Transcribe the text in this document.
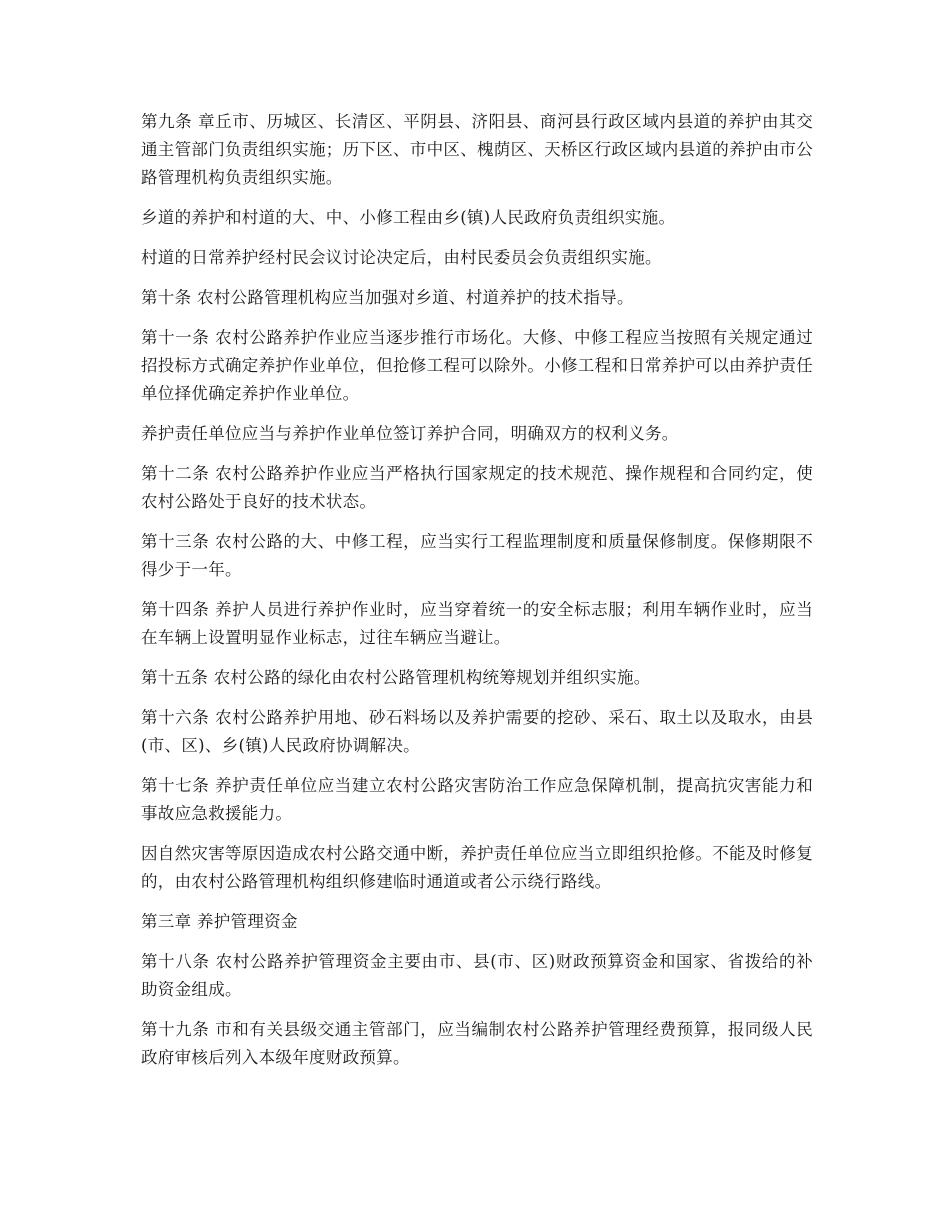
第九条 章丘市、历城区、长清区、平阴县、济阳县、商河县行政区域内县道的养护由其交通主管部门负责组织实施；历下区、市中区、槐荫区、天桥区行政区域内县道的养护由市公路管理机构负责组织实施。

乡道的养护和村道的大、中、小修工程由乡(镇)人民政府负责组织实施。

村道的日常养护经村民会议讨论决定后，由村民委员会负责组织实施。

第十条 农村公路管理机构应当加强对乡道、村道养护的技术指导。

第十一条 农村公路养护作业应当逐步推行市场化。大修、中修工程应当按照有关规定通过招投标方式确定养护作业单位，但抢修工程可以除外。小修工程和日常养护可以由养护责任单位择优确定养护作业单位。

养护责任单位应当与养护作业单位签订养护合同，明确双方的权利义务。

第十二条 农村公路养护作业应当严格执行国家规定的技术规范、操作规程和合同约定，使农村公路处于良好的技术状态。

第十三条 农村公路的大、中修工程，应当实行工程监理制度和质量保修制度。保修期限不得少于一年。

第十四条 养护人员进行养护作业时，应当穿着统一的安全标志服；利用车辆作业时，应当在车辆上设置明显作业标志，过往车辆应当避让。

第十五条 农村公路的绿化由农村公路管理机构统筹规划并组织实施。

第十六条 农村公路养护用地、砂石料场以及养护需要的挖砂、采石、取土以及取水，由县(市、区)、乡(镇)人民政府协调解决。

第十七条 养护责任单位应当建立农村公路灾害防治工作应急保障机制，提高抗灾害能力和事故应急救援能力。

因自然灾害等原因造成农村公路交通中断，养护责任单位应当立即组织抢修。不能及时修复的，由农村公路管理机构组织修建临时通道或者公示绕行路线。

第三章 养护管理资金

第十八条 农村公路养护管理资金主要由市、县(市、区)财政预算资金和国家、省拨给的补助资金组成。

第十九条 市和有关县级交通主管部门，应当编制农村公路养护管理经费预算，报同级人民政府审核后列入本级年度财政预算。
